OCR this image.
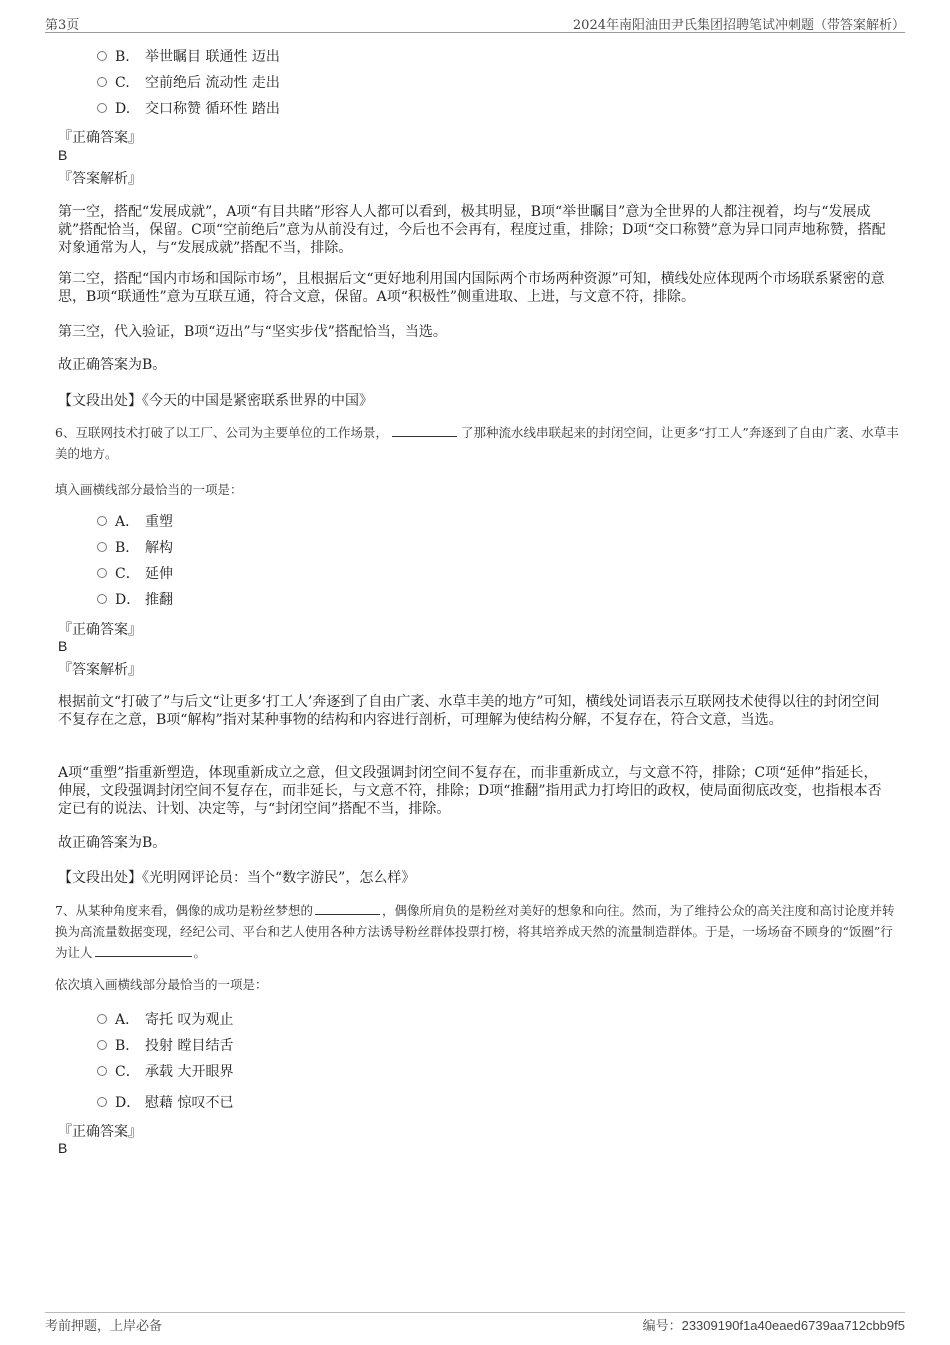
第3页	2024年南阳油田尹氏集团招聘笔试冲刺题（带答案解析）
B. 举世瞩目 联通性 迈出
C. 空前绝后 流动性 走出
D. 交口称赞 循环性 踏出
『正确答案』
B
『答案解析』
第一空，搭配“发展成就”，A项“有目共睹”形容人人都可以看到，极其明显，B项“举世瞩目”意为全世界的人都注视着，均与“发展成就”搭配恰当，保留。C项“空前绝后”意为从前没有过，今后也不会再有，程度过重，排除；D项“交口称赞”意为异口同声地称赞，搭配对象通常为人，与“发展成就”搭配不当，排除。
第二空，搭配“国内市场和国际市场”，且根据后文“更好地利用国内国际两个市场两种资源”可知，横线处应体现两个市场联系紧密的意思，B项“联通性”意为互联互通，符合文意，保留。A项“积极性”侧重进取、上进，与文意不符，排除。
第三空，代入验证，B项“迈出”与“坚实步伐”搭配恰当，当选。
故正确答案为B。
【文段出处】《今天的中国是紧密联系世界的中国》
6、互联网技术打破了以工厂、公司为主要单位的工作场景，	了那种流水线串联起来的封闭空间，让更多“打工人”奔逐到了自由广袤、水草丰美的地方。
填入画横线部分最恰当的一项是：
A． 重塑
B． 解构
C． 延伸
D． 推翻
『正确答案』
B
『答案解析』
根据前文“打破了”与后文“让更多‘打工人’奔逐到了自由广袤、水草丰美的地方”可知，横线处词语表示互联网技术使得以往的封闭空间不复存在之意，B项“解构”指对某种事物的结构和内容进行剖析，可理解为使结构分解，不复存在，符合文意，当选。
A项“重塑”指重新塑造，体现重新成立之意，但文段强调封闭空间不复存在，而非重新成立，与文意不符，排除；C项“延伸”指延长，伸展，文段强调封闭空间不复存在，而非延长，与文意不符，排除；D项“推翻”指用武力打垮旧的政权，使局面彻底改变，也指根本否定已有的说法、计划、决定等，与“封闭空间”搭配不当，排除。
故正确答案为B。
【文段出处】《光明网评论员：当个“数字游民”，怎么样》
7、从某种角度来看，偶像的成功是粉丝梦想的	，偶像所肩负的是粉丝对美好的想象和向往。然而，为了维持公众的高关注度和高讨论度并转换为高流量数据变现，经纪公司、平台和艺人使用各种方法诱导粉丝群体投票打榜，将其培养成天然的流量制造群体。于是，一场场奋不顾身的“饭圈”行为让人	。
依次填入画横线部分最恰当的一项是：
A． 寄托 叹为观止
B． 投射 瞠目结舌
C． 承载 大开眼界
D． 慰藉 惊叹不已
『正确答案』
B
考前押题，上岸必备	编号：23309190f1a40eaed6739aa712cbb9f5
